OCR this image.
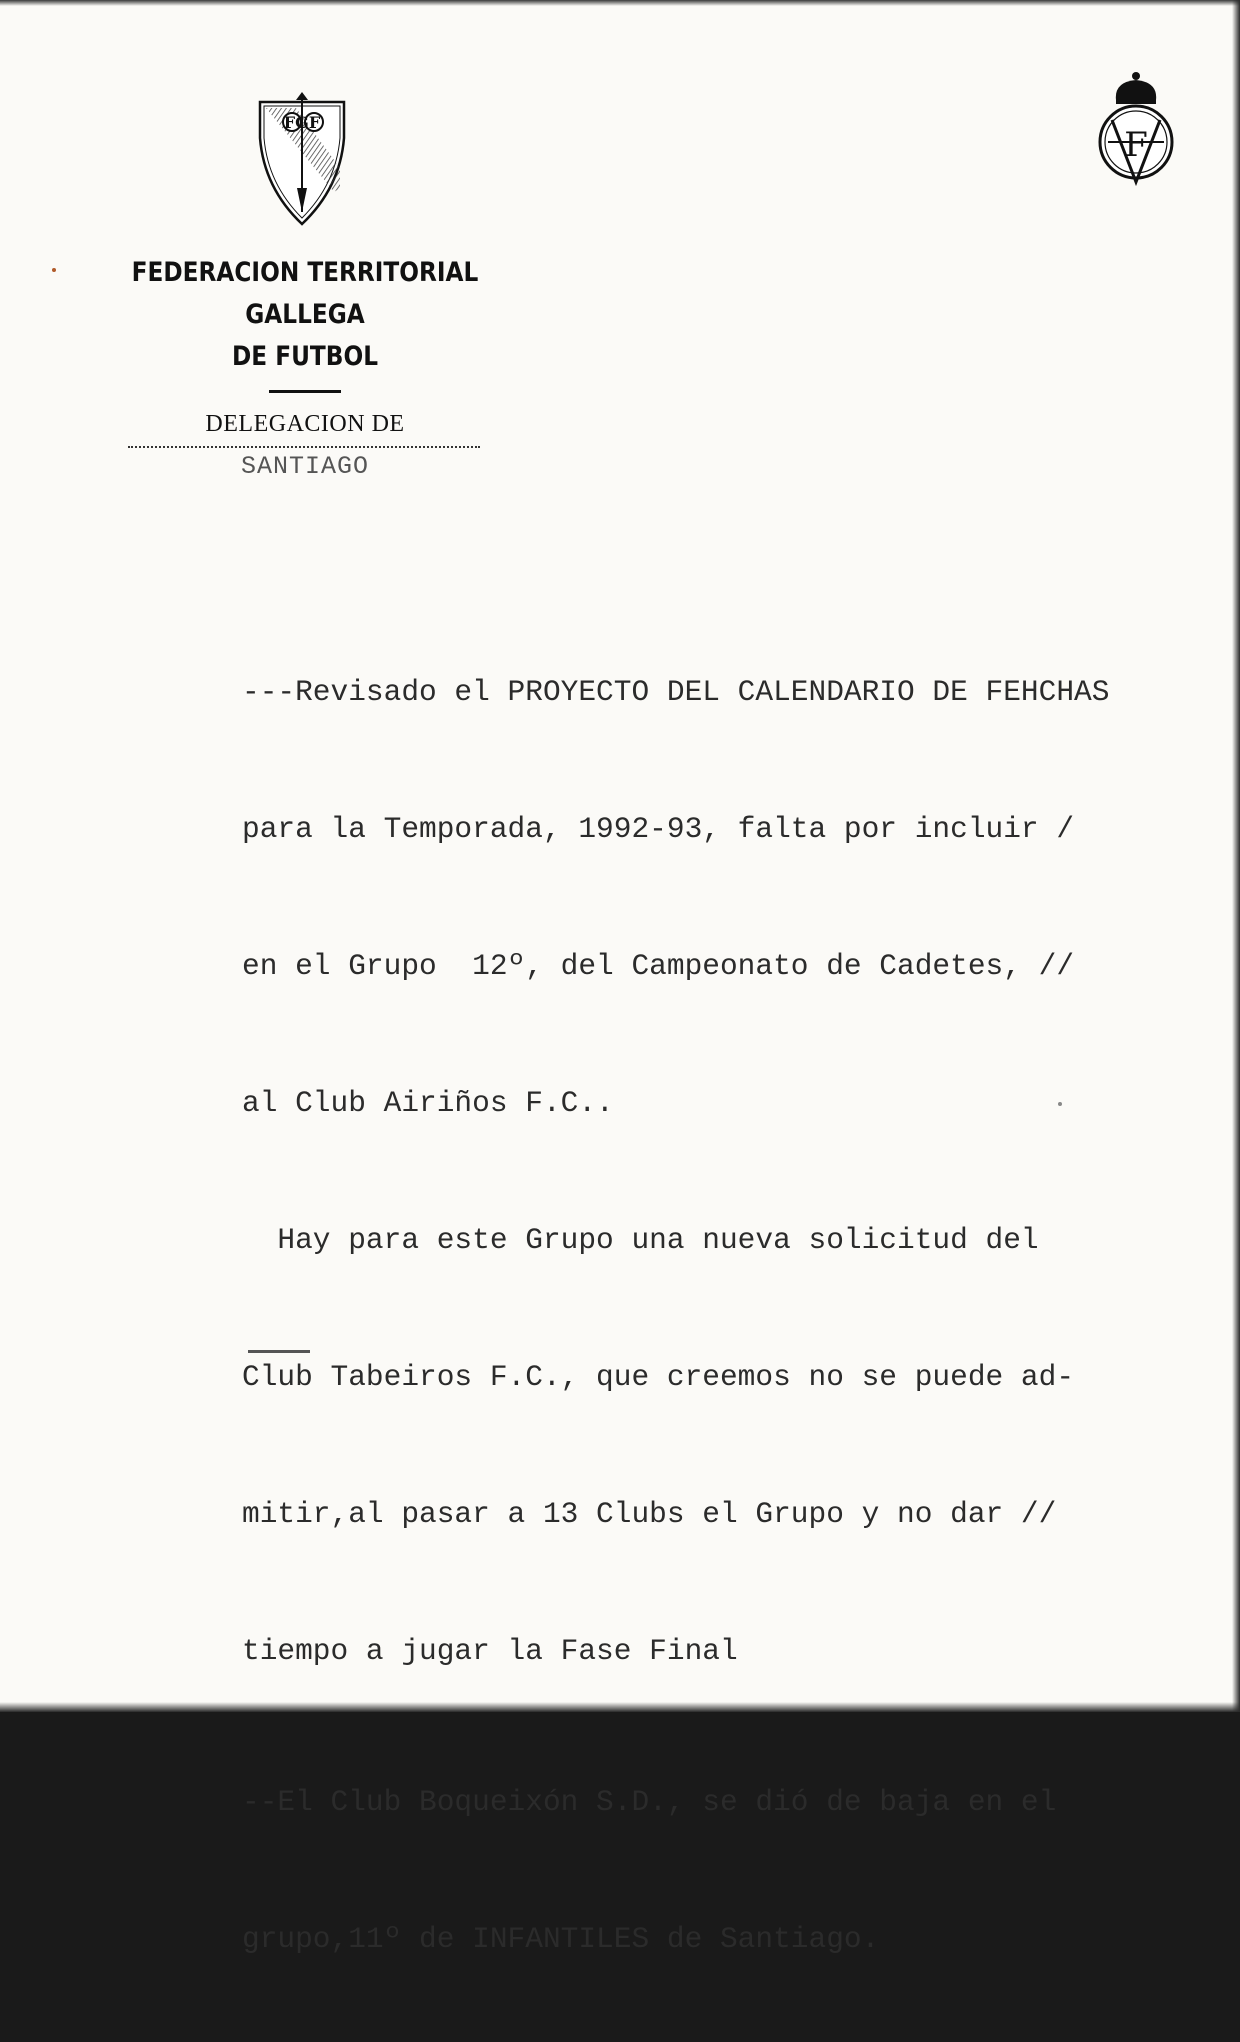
FGF
F

FEDERACION TERRITORIAL GALLEGA

DE FUTBOL

DELEGACION DE
SANTIAGO

---Revisado el PROYECTO DEL CALENDARIO DE FEHCHAS

para la Temporada, 1992-93, falta por incluir /

en el Grupo  12º, del Campeonato de Cadetes, //

al Club Airiños F.C..

Hay para este Grupo una nueva solicitud del

Club Tabeiros F.C., que creemos no se puede ad-

mitir,al pasar a 13 Clubs el Grupo y no dar //

tiempo a jugar la Fase Final

--El Club Boqueixón S.D., se dió de baja en el

grupo,11º de INFANTILES de Santiago.
